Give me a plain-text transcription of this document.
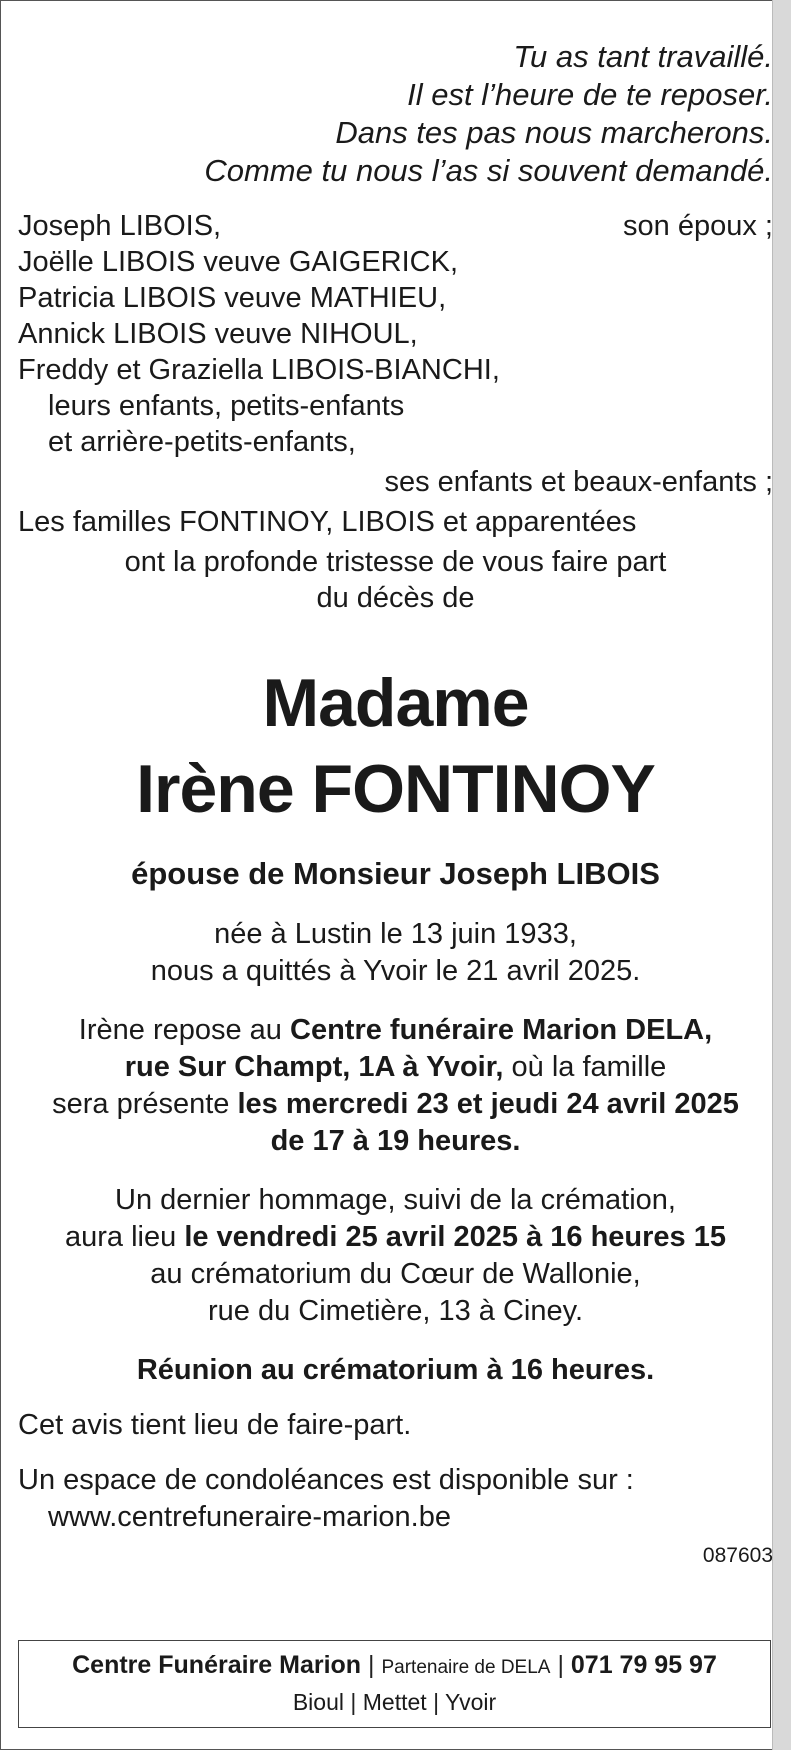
Tu as tant travaillé.
Il est l’heure de te reposer.
Dans tes pas nous marcherons.
Comme tu nous l’as si souvent demandé.
Joseph LIBOIS,	son époux ;
Joëlle LIBOIS veuve GAIGERICK,
Patricia LIBOIS veuve MATHIEU,
Annick LIBOIS veuve NIHOUL,
Freddy et Graziella LIBOIS-BIANCHI,
leurs enfants, petits-enfants
et arrière-petits-enfants,
ses enfants et beaux-enfants ;
Les familles FONTINOY, LIBOIS et apparentées
ont la profonde tristesse de vous faire part
du décès de
Madame
Irène FONTINOY
épouse de Monsieur Joseph LIBOIS
née à Lustin le 13 juin 1933,
nous a quittés à Yvoir le 21 avril 2025.
Irène repose au Centre funéraire Marion DELA,
rue Sur Champt, 1A à Yvoir, où la famille
sera présente les mercredi 23 et jeudi 24 avril 2025
de 17 à 19 heures.
Un dernier hommage, suivi de la crémation,
aura lieu le vendredi 25 avril 2025 à 16 heures 15
au crématorium du Cœur de Wallonie,
rue du Cimetière, 13 à Ciney.
Réunion au crématorium à 16 heures.
Cet avis tient lieu de faire-part.
Un espace de condoléances est disponible sur :
www.centrefuneraire-marion.be
087603
Centre Funéraire Marion | Partenaire de DELA | 071 79 95 97
Bioul | Mettet | Yvoir
